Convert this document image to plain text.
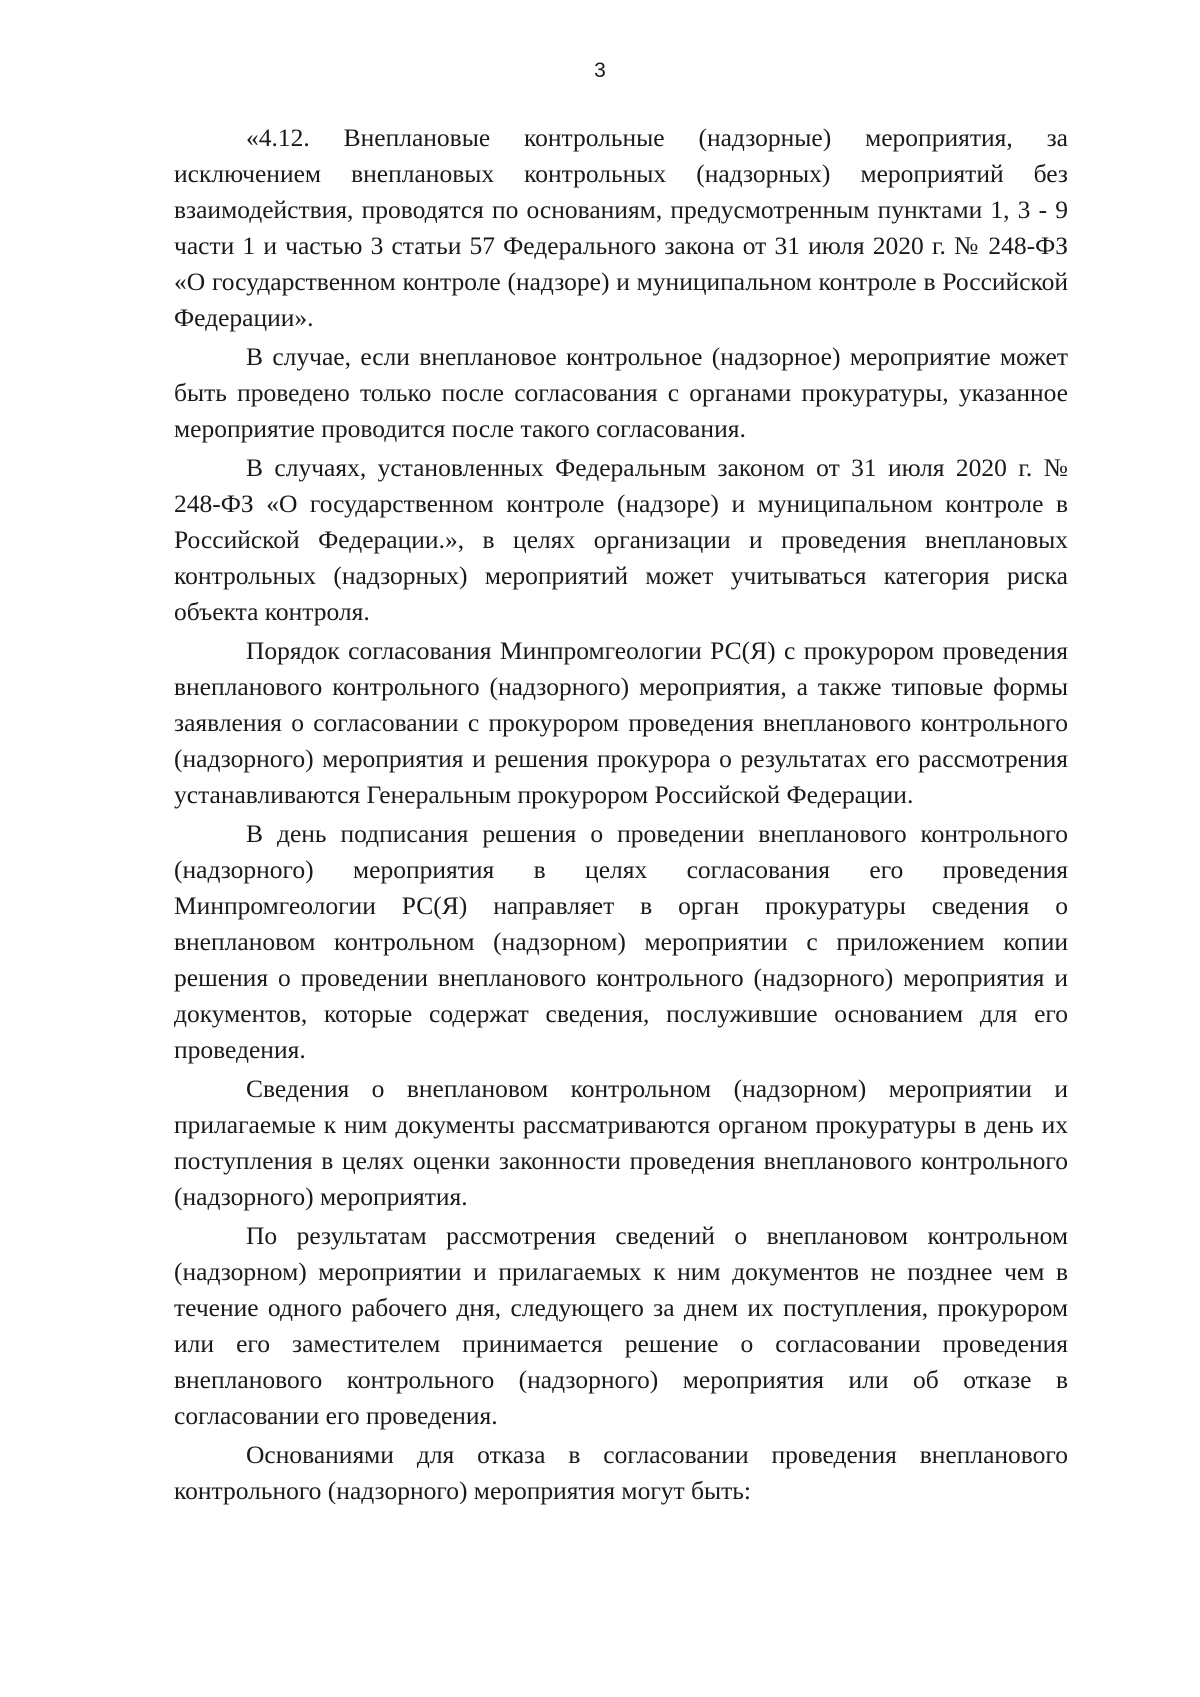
3

«4.12. Внеплановые контрольные (надзорные) мероприятия, за исключением внеплановых контрольных (надзорных) мероприятий без взаимодействия, проводятся по основаниям, предусмотренным пунктами 1, 3 - 9 части 1 и частью 3 статьи 57 Федерального закона от 31 июля 2020 г. № 248-ФЗ «О государственном контроле (надзоре) и муниципальном контроле в Российской Федерации».

В случае, если внеплановое контрольное (надзорное) мероприятие может быть проведено только после согласования с органами прокуратуры, указанное мероприятие проводится после такого согласования.

В случаях, установленных Федеральным законом от 31 июля 2020 г. № 248-ФЗ «О государственном контроле (надзоре) и муниципальном контроле в Российской Федерации.», в целях организации и проведения внеплановых контрольных (надзорных) мероприятий может учитываться категория риска объекта контроля.

Порядок согласования Минпромгеологии РС(Я) с прокурором проведения внепланового контрольного (надзорного) мероприятия, а также типовые формы заявления о согласовании с прокурором проведения внепланового контрольного (надзорного) мероприятия и решения прокурора о результатах его рассмотрения устанавливаются Генеральным прокурором Российской Федерации.

В день подписания решения о проведении внепланового контрольного (надзорного) мероприятия в целях согласования его проведения Минпромгеологии РС(Я) направляет в орган прокуратуры сведения о внеплановом контрольном (надзорном) мероприятии с приложением копии решения о проведении внепланового контрольного (надзорного) мероприятия и документов, которые содержат сведения, послужившие основанием для его проведения.

Сведения о внеплановом контрольном (надзорном) мероприятии и прилагаемые к ним документы рассматриваются органом прокуратуры в день их поступления в целях оценки законности проведения внепланового контрольного (надзорного) мероприятия.

По результатам рассмотрения сведений о внеплановом контрольном (надзорном) мероприятии и прилагаемых к ним документов не позднее чем в течение одного рабочего дня, следующего за днем их поступления, прокурором или его заместителем принимается решение о согласовании проведения внепланового контрольного (надзорного) мероприятия или об отказе в согласовании его проведения.

Основаниями для отказа в согласовании проведения внепланового контрольного (надзорного) мероприятия могут быть:
